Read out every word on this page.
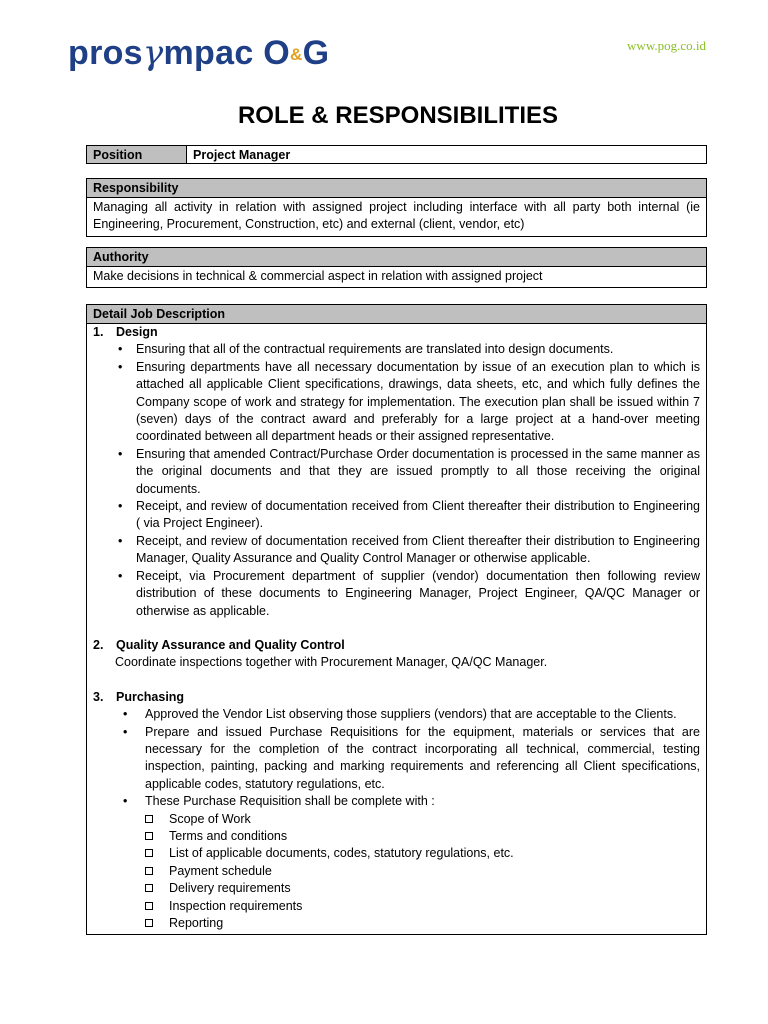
prosγmpac O&G	www.pog.co.id
ROLE & RESPONSIBILITIES
Position	Project Manager
Responsibility
Managing all activity in relation with assigned project including interface with all party both internal (ie Engineering, Procurement, Construction, etc) and external (client, vendor, etc)
Authority
Make decisions in technical & commercial aspect in relation with assigned project
Detail Job Description
1.	Design
• Ensuring that all of the contractual requirements are translated into design documents.
• Ensuring departments have all necessary documentation by issue of an execution plan to which is attached all applicable Client specifications, drawings, data sheets, etc, and which fully defines the Company scope of work and strategy for implementation. The execution plan shall be issued within 7 (seven) days of the contract award and preferably for a large project at a hand-over meeting coordinated between all department heads or their assigned representative.
• Ensuring that amended Contract/Purchase Order documentation is processed in the same manner as the original documents and that they are issued promptly to all those receiving the original documents.
• Receipt, and review of documentation received from Client thereafter their distribution to Engineering ( via Project Engineer).
• Receipt, and review of documentation received from Client thereafter their distribution to Engineering Manager, Quality Assurance and Quality Control Manager or otherwise applicable.
• Receipt, via Procurement department of supplier (vendor) documentation then following review distribution of these documents to Engineering Manager, Project Engineer, QA/QC Manager or otherwise as applicable.
2.	Quality Assurance and Quality Control
Coordinate inspections together with Procurement Manager, QA/QC Manager.
3.	Purchasing
• Approved the Vendor List observing those suppliers (vendors) that are acceptable to the Clients.
• Prepare and issued Purchase Requisitions for the equipment, materials or services that are necessary for the completion of the contract incorporating all technical, commercial, testing inspection, painting, packing and marking requirements and referencing all Client specifications, applicable codes, statutory regulations, etc.
• These Purchase Requisition shall be complete with :
Scope of Work
Terms and conditions
List of applicable documents, codes, statutory regulations, etc.
Payment schedule
Delivery requirements
Inspection requirements
Reporting
